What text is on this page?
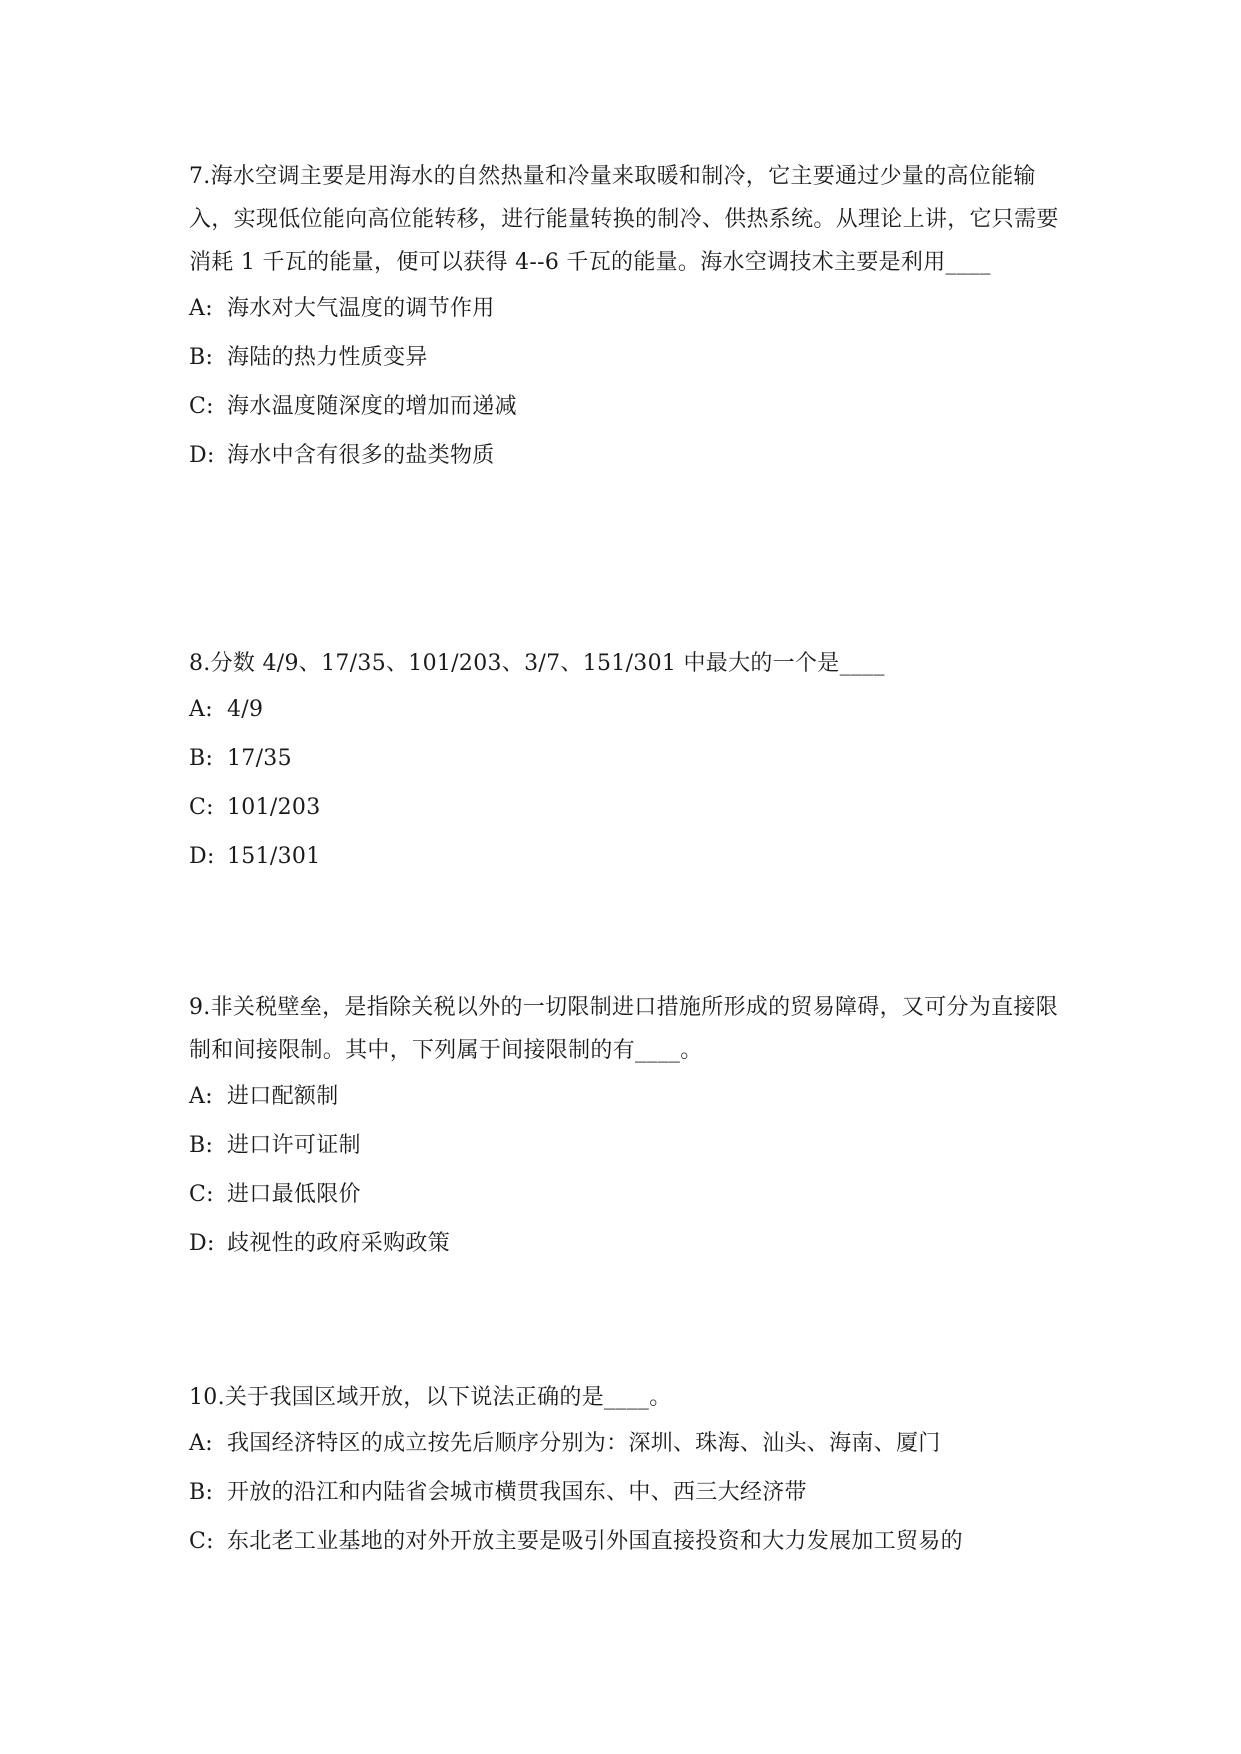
7.海水空调主要是用海水的自然热量和冷量来取暖和制冷，它主要通过少量的高位能输入，实现低位能向高位能转移，进行能量转换的制冷、供热系统。从理论上讲，它只需要消耗 1 千瓦的能量，便可以获得 4--6 千瓦的能量。海水空调技术主要是利用____

A: 海水对大气温度的调节作用

B: 海陆的热力性质变异

C: 海水温度随深度的增加而递减

D: 海水中含有很多的盐类物质

8.分数 4/9、17/35、101/203、3/7、151/301 中最大的一个是____

A: 4/9

B: 17/35

C: 101/203

D: 151/301

9.非关税壁垒，是指除关税以外的一切限制进口措施所形成的贸易障碍，又可分为直接限制和间接限制。其中，下列属于间接限制的有____。

A: 进口配额制

B: 进口许可证制

C: 进口最低限价

D: 歧视性的政府采购政策

10.关于我国区域开放，以下说法正确的是____。

A: 我国经济特区的成立按先后顺序分别为：深圳、珠海、汕头、海南、厦门

B: 开放的沿江和内陆省会城市横贯我国东、中、西三大经济带

C: 东北老工业基地的对外开放主要是吸引外国直接投资和大力发展加工贸易的
